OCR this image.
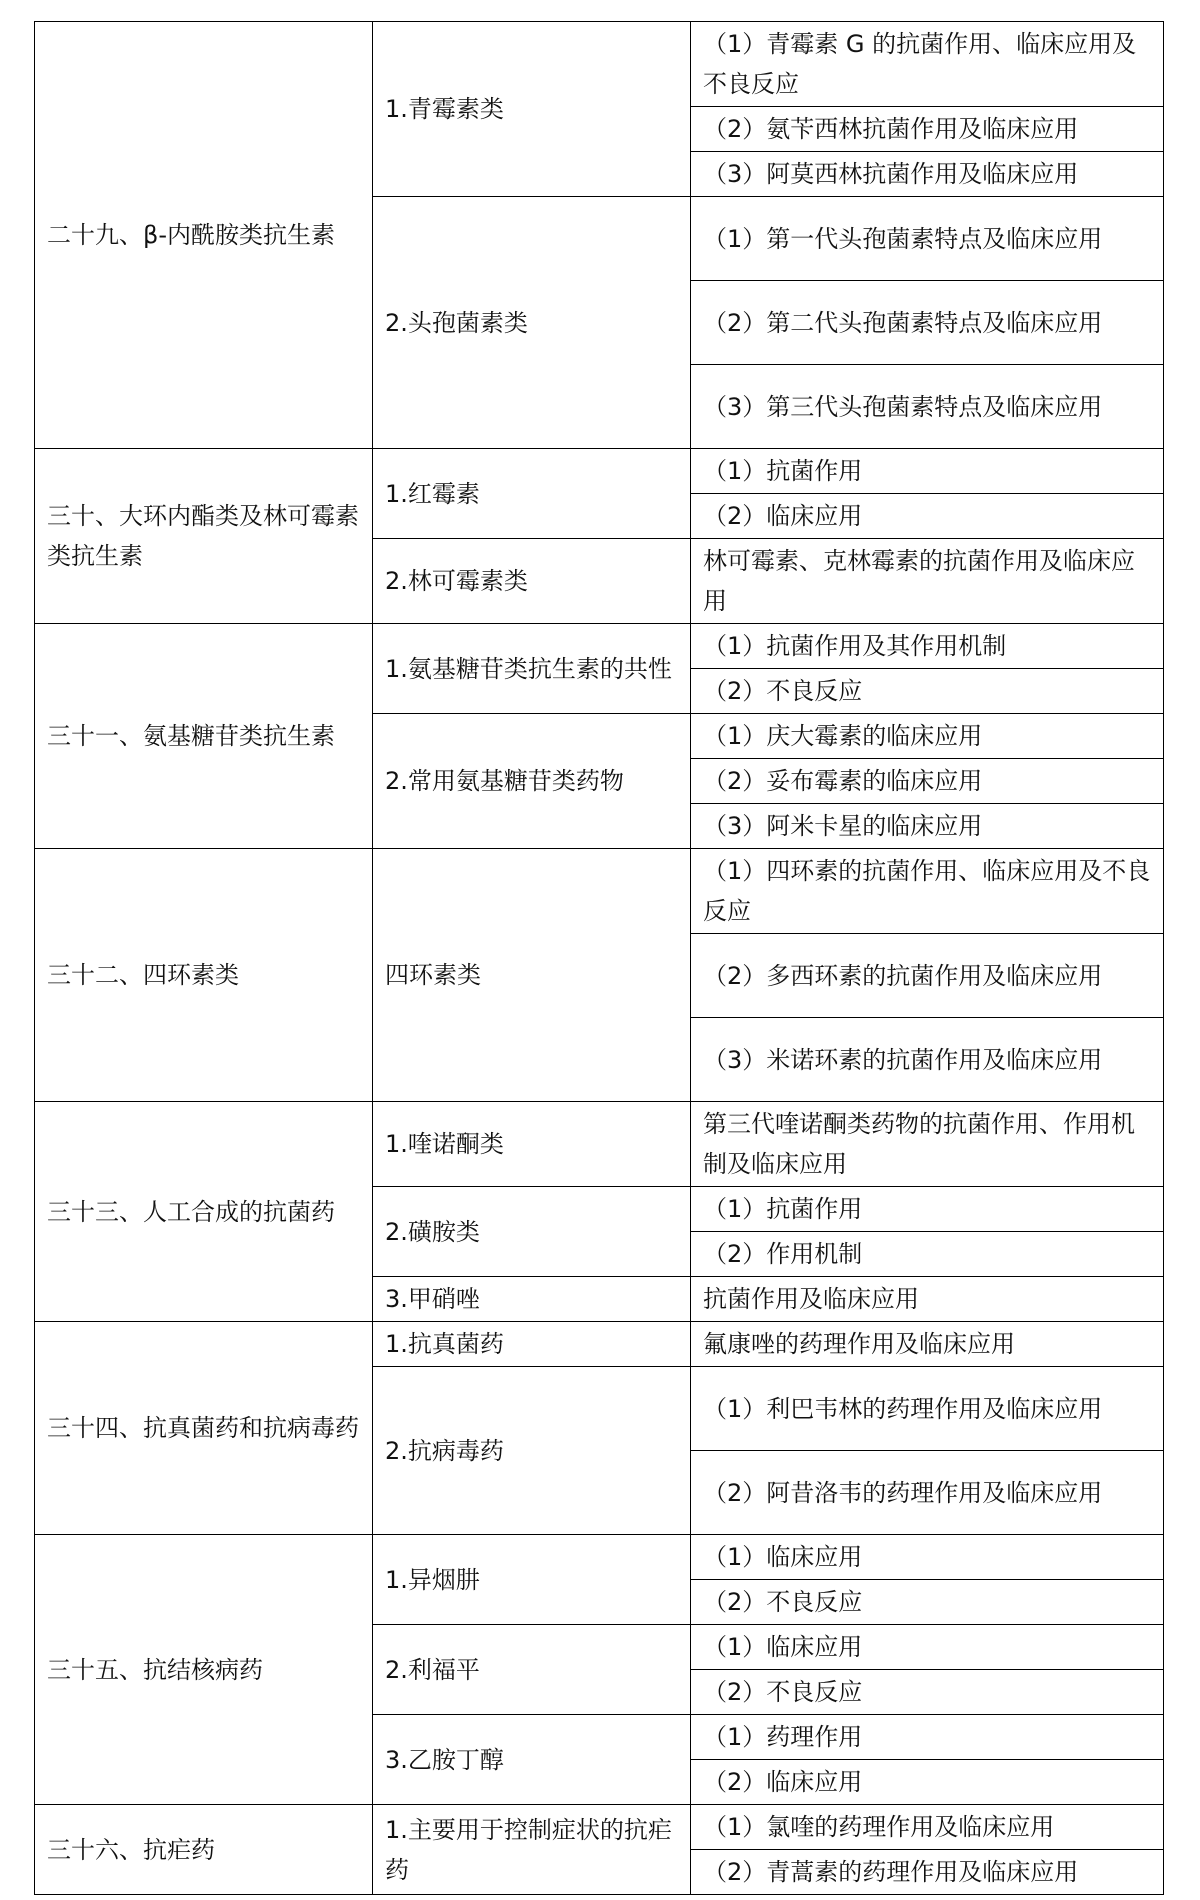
二十九、β-内酰胺类抗生素	1.青霉素类	（1）青霉素 G 的抗菌作用、临床应用及不良反应
		（2）氨苄西林抗菌作用及临床应用
		（3）阿莫西林抗菌作用及临床应用
	2.头孢菌素类	（1）第一代头孢菌素特点及临床应用
		（2）第二代头孢菌素特点及临床应用
		（3）第三代头孢菌素特点及临床应用
三十、大环内酯类及林可霉素类抗生素	1.红霉素	（1）抗菌作用
		（2）临床应用
	2.林可霉素类	林可霉素、克林霉素的抗菌作用及临床应用
三十一、氨基糖苷类抗生素	1.氨基糖苷类抗生素的共性	（1）抗菌作用及其作用机制
		（2）不良反应
	2.常用氨基糖苷类药物	（1）庆大霉素的临床应用
		（2）妥布霉素的临床应用
		（3）阿米卡星的临床应用
三十二、四环素类	四环素类	（1）四环素的抗菌作用、临床应用及不良反应
		（2）多西环素的抗菌作用及临床应用
		（3）米诺环素的抗菌作用及临床应用
三十三、人工合成的抗菌药	1.喹诺酮类	第三代喹诺酮类药物的抗菌作用、作用机制及临床应用
	2.磺胺类	（1）抗菌作用
		（2）作用机制
	3.甲硝唑	抗菌作用及临床应用
三十四、抗真菌药和抗病毒药	1.抗真菌药	氟康唑的药理作用及临床应用
	2.抗病毒药	（1）利巴韦林的药理作用及临床应用
		（2）阿昔洛韦的药理作用及临床应用
三十五、抗结核病药	1.异烟肼	（1）临床应用
		（2）不良反应
	2.利福平	（1）临床应用
		（2）不良反应
	3.乙胺丁醇	（1）药理作用
		（2）临床应用
三十六、抗疟药	1.主要用于控制症状的抗疟药	（1）氯喹的药理作用及临床应用
		（2）青蒿素的药理作用及临床应用
